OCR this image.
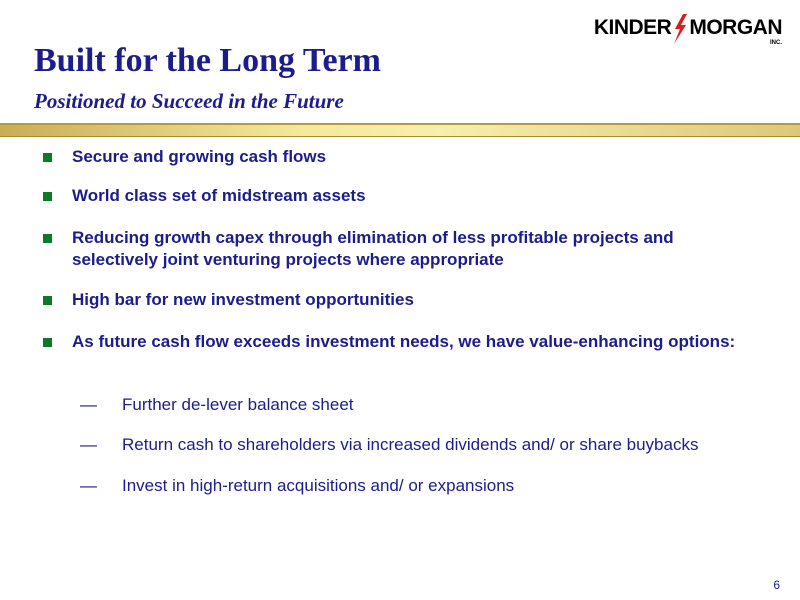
KINDER MORGAN
INC.
Built for the Long Term
Positioned to Succeed in the Future
Secure and growing cash flows
World class set of midstream assets
Reducing growth capex through elimination of less profitable projects and selectively joint venturing projects where appropriate
High bar for new investment opportunities
As future cash flow exceeds investment needs, we have value-enhancing options:
— Further de-lever balance sheet
— Return cash to shareholders via increased dividends and/ or share buybacks
— Invest in high-return acquisitions and/ or expansions
6
